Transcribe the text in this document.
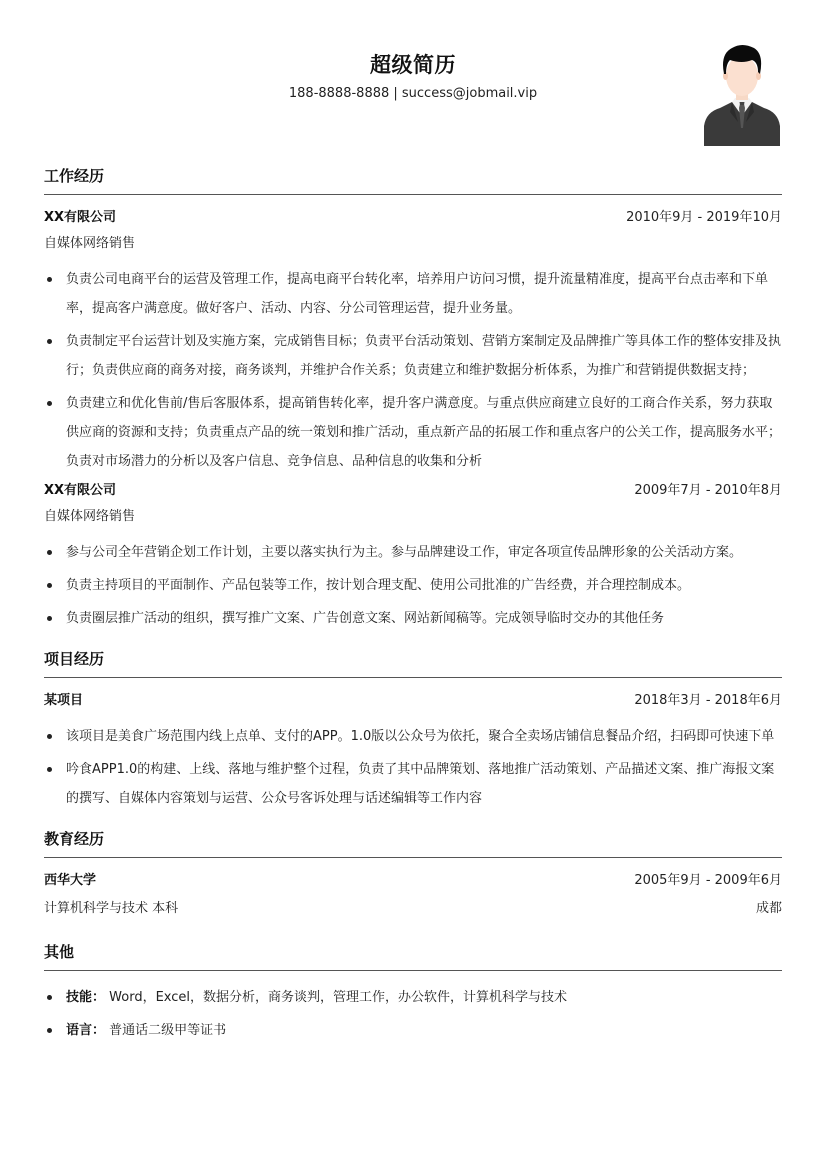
超级简历
188-8888-8888 | success@jobmail.vip
工作经历
XX有限公司	2010年9月 - 2019年10月
自媒体网络销售
负责公司电商平台的运营及管理工作，提高电商平台转化率，培养用户访问习惯，提升流量精准度，提高平台点击率和下单率，提高客户满意度。做好客户、活动、内容、分公司管理运营，提升业务量。
负责制定平台运营计划及实施方案，完成销售目标；负责平台活动策划、营销方案制定及品牌推广等具体工作的整体安排及执行；负责供应商的商务对接，商务谈判，并维护合作关系；负责建立和维护数据分析体系，为推广和营销提供数据支持；
负责建立和优化售前/售后客服体系，提高销售转化率，提升客户满意度。与重点供应商建立良好的工商合作关系，努力获取供应商的资源和支持；负责重点产品的统一策划和推广活动，重点新产品的拓展工作和重点客户的公关工作，提高服务水平；负责对市场潜力的分析以及客户信息、竞争信息、品种信息的收集和分析
XX有限公司	2009年7月 - 2010年8月
自媒体网络销售
参与公司全年营销企划工作计划，主要以落实执行为主。参与品牌建设工作，审定各项宣传品牌形象的公关活动方案。
负责主持项目的平面制作、产品包装等工作，按计划合理支配、使用公司批准的广告经费，并合理控制成本。
负责圈层推广活动的组织，撰写推广文案、广告创意文案、网站新闻稿等。完成领导临时交办的其他任务
项目经历
某项目	2018年3月 - 2018年6月
该项目是美食广场范围内线上点单、支付的APP。1.0版以公众号为依托，聚合全卖场店铺信息餐品介绍，扫码即可快速下单
吟食APP1.0的构建、上线、落地与维护整个过程，负责了其中品牌策划、落地推广活动策划、产品描述文案、推广海报文案的撰写、自媒体内容策划与运营、公众号客诉处理与话述编辑等工作内容
教育经历
西华大学	2005年9月 - 2009年6月
计算机科学与技术 本科	成都
其他
技能： Word，Excel，数据分析，商务谈判，管理工作，办公软件，计算机科学与技术
语言： 普通话二级甲等证书
